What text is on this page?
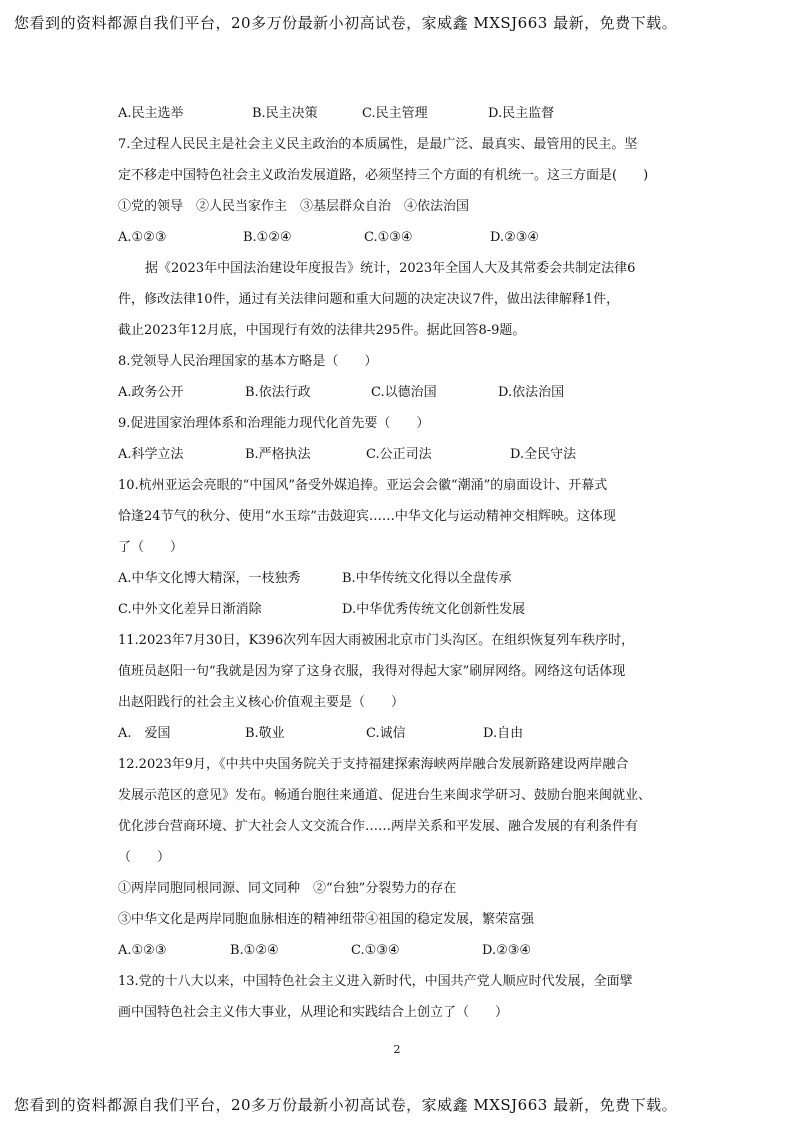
您看到的资料都源自我们平台，20多万份最新小初高试卷，家威鑫 MXSJ663 最新，免费下载。
A.民主选举	B.民主决策	C.民主管理	D.民主监督
7.全过程人民民主是社会主义民主政治的本质属性，是最广泛、最真实、最管用的民主。坚
定不移走中国特色社会主义政治发展道路，必须坚持三个方面的有机统一。这三方面是(　　)
①党的领导　②人民当家作主　③基层群众自治　④依法治国
A.①②③	B.①②④	C.①③④	D.②③④
据《2023年中国法治建设年度报告》统计，2023年全国人大及其常委会共制定法律6
件，修改法律10件，通过有关法律问题和重大问题的决定决议7件，做出法律解释1件，
截止2023年12月底，中国现行有效的法律共295件。据此回答8-9题。
8.党领导人民治理国家的基本方略是（　　）
A.政务公开	B.依法行政	C.以德治国	D.依法治国
9.促进国家治理体系和治理能力现代化首先要（　　）
A.科学立法	B.严格执法	C.公正司法	D.全民守法
10.杭州亚运会亮眼的“中国风”备受外媒追捧。亚运会会徽“潮涌”的扇面设计、开幕式
恰逢24节气的秋分、使用“水玉琮”击鼓迎宾……中华文化与运动精神交相辉映。这体现
了（　　）
A.中华文化博大精深，一枝独秀	B.中华传统文化得以全盘传承
C.中外文化差异日渐消除	D.中华优秀传统文化创新性发展
11.2023年7月30日，K396次列车因大雨被困北京市门头沟区。在组织恢复列车秩序时，
值班员赵阳一句“我就是因为穿了这身衣服，我得对得起大家”刷屏网络。网络这句话体现
出赵阳践行的社会主义核心价值观主要是（　　）
A.　爱国	B.敬业	C.诚信	D.自由
12.2023年9月，《中共中央国务院关于支持福建探索海峡两岸融合发展新路建设两岸融合
发展示范区的意见》发布。畅通台胞往来通道、促进台生来闽求学研习、鼓励台胞来闽就业、
优化涉台营商环境、扩大社会人文交流合作……两岸关系和平发展、融合发展的有利条件有
（　　）
①两岸同胞同根同源、同文同种　②“台独”分裂势力的存在
③中华文化是两岸同胞血脉相连的精神纽带④祖国的稳定发展，繁荣富强
A.①②③	B.①②④	C.①③④	D.②③④
13.党的十八大以来，中国特色社会主义进入新时代，中国共产党人顺应时代发展，全面擘
画中国特色社会主义伟大事业，从理论和实践结合上创立了（　　）
2
您看到的资料都源自我们平台，20多万份最新小初高试卷，家威鑫 MXSJ663 最新，免费下载。
